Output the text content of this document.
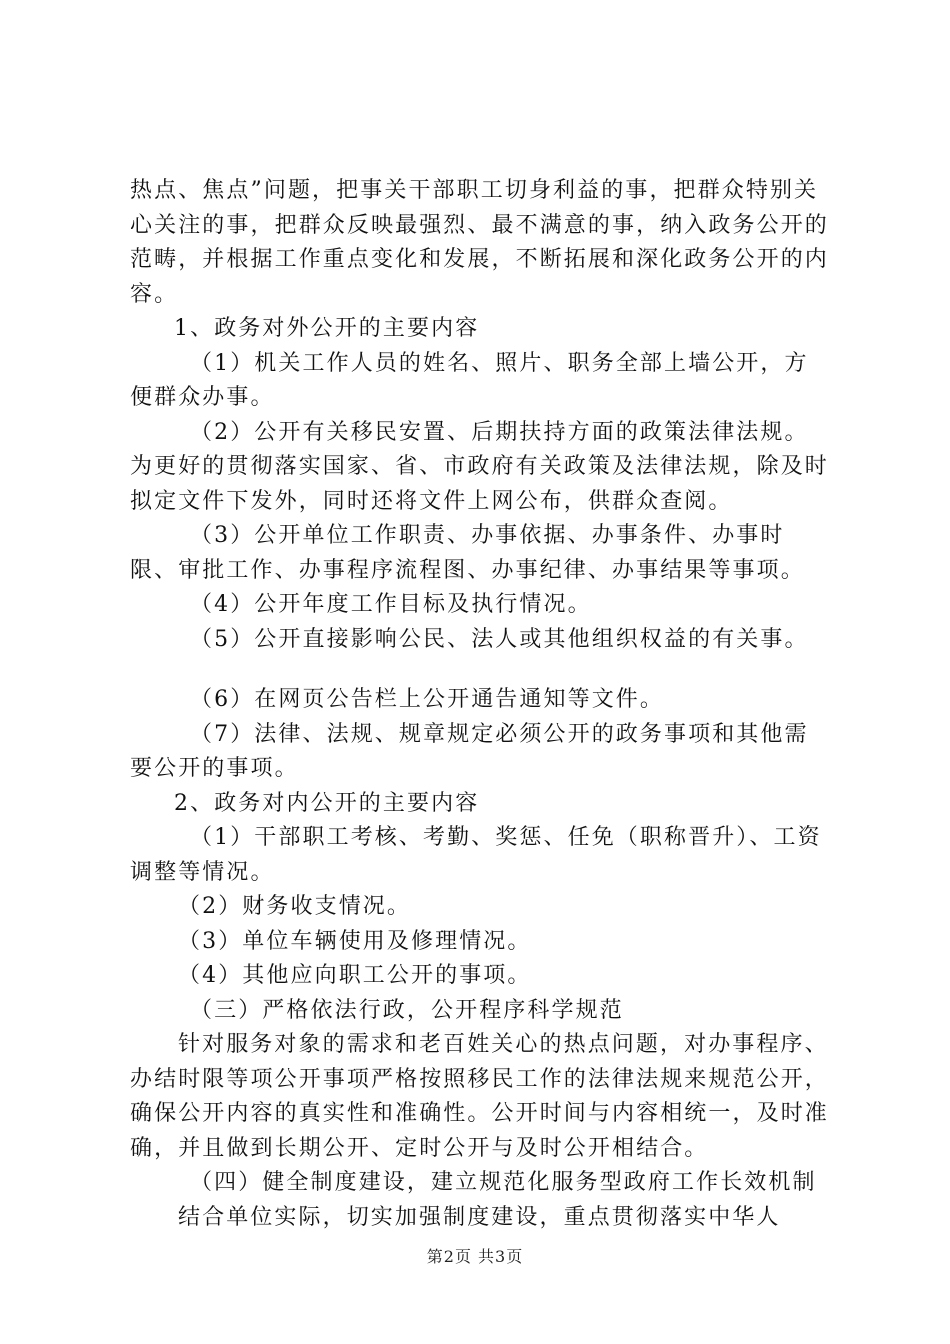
热点、焦点”问题，把事关干部职工切身利益的事，把群众特别关心关注的事，把群众反映最强烈、最不满意的事，纳入政务公开的范畴，并根据工作重点变化和发展，不断拓展和深化政务公开的内容。

1、政务对外公开的主要内容

（1）机关工作人员的姓名、照片、职务全部上墙公开，方便群众办事。

（2）公开有关移民安置、后期扶持方面的政策法律法规。为更好的贯彻落实国家、省、市政府有关政策及法律法规，除及时拟定文件下发外，同时还将文件上网公布，供群众查阅。

（3）公开单位工作职责、办事依据、办事条件、办事时限、审批工作、办事程序流程图、办事纪律、办事结果等事项。

（4）公开年度工作目标及执行情况。

（5）公开直接影响公民、法人或其他组织权益的有关事。

（6）在网页公告栏上公开通告通知等文件。

（7）法律、法规、规章规定必须公开的政务事项和其他需要公开的事项。

2、政务对内公开的主要内容

（1）干部职工考核、考勤、奖惩、任免（职称晋升）、工资调整等情况。

（2）财务收支情况。

（3）单位车辆使用及修理情况。

（4）其他应向职工公开的事项。

（三）严格依法行政，公开程序科学规范

针对服务对象的需求和老百姓关心的热点问题，对办事程序、办结时限等项公开事项严格按照移民工作的法律法规来规范公开，确保公开内容的真实性和准确性。公开时间与内容相统一，及时准确，并且做到长期公开、定时公开与及时公开相结合。

（四）健全制度建设，建立规范化服务型政府工作长效机制

结合单位实际，切实加强制度建设，重点贯彻落实中华人

第2页 共3页
